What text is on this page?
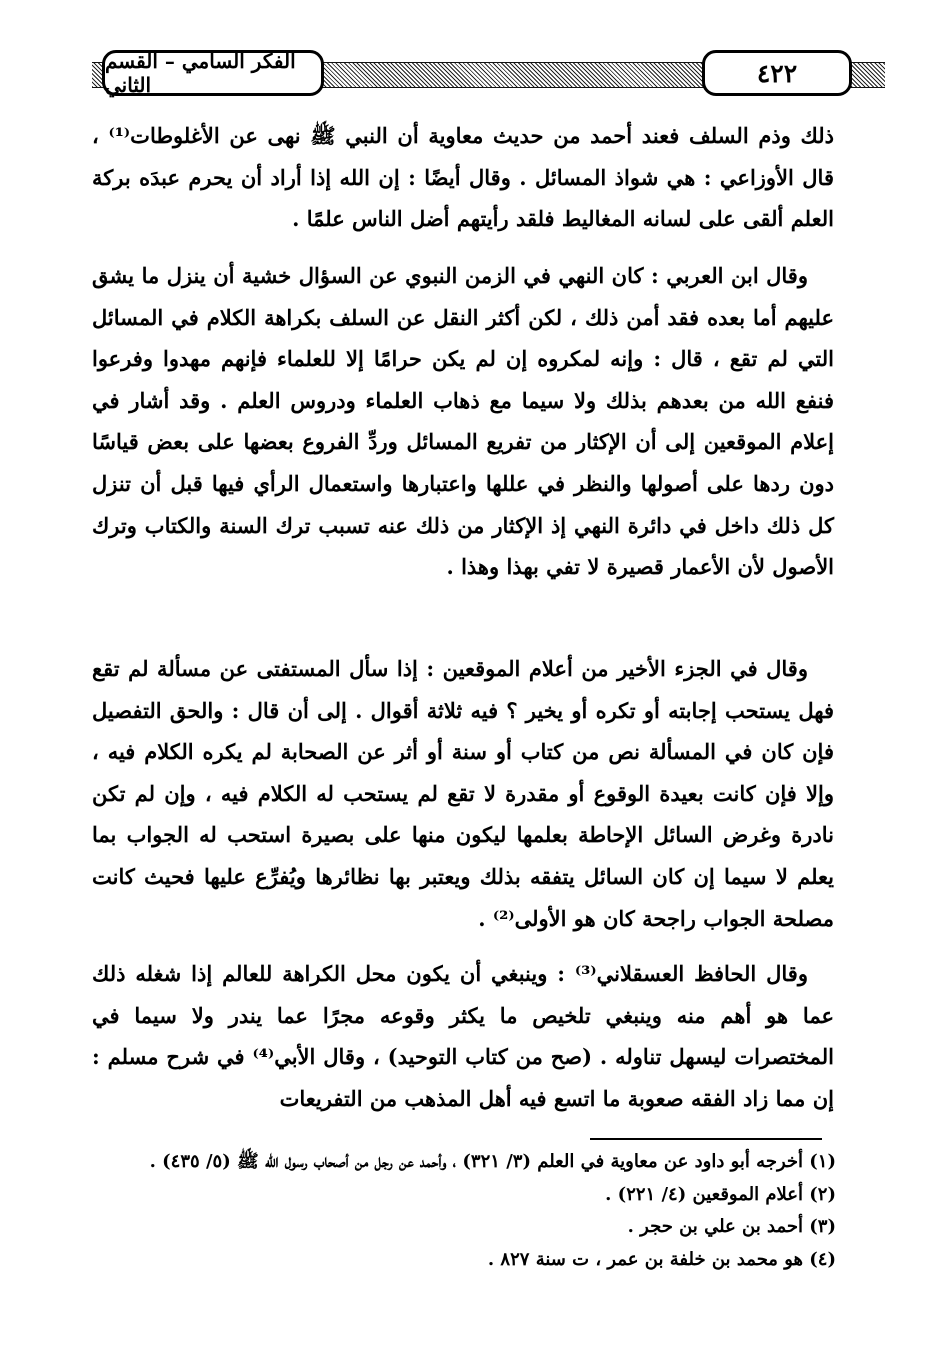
٤٢٢
الفكر السامي – القسم الثاني

ذلك وذم السلف فعند أحمد من حديث معاوية أن النبي ﷺ نهى عن الأغلوطات⁽¹⁾ ، قال الأوزاعي : هي شواذ المسائل . وقال أيضًا : إن الله إذا أراد أن يحرم عبدَه بركة العلم ألقى على لسانه المغاليط فلقد رأيتهم أضل الناس علمًا .

وقال ابن العربي : كان النهي في الزمن النبوي عن السؤال خشية أن ينزل ما يشق عليهم أما بعده فقد أمن ذلك ، لكن أكثر النقل عن السلف بكراهة الكلام في المسائل التي لم تقع ، قال : وإنه لمكروه إن لم يكن حرامًا إلا للعلماء فإنهم مهدوا وفرعوا فنفع الله من بعدهم بذلك ولا سيما مع ذهاب العلماء ودروس العلم . وقد أشار في إعلام الموقعين إلى أن الإكثار من تفريع المسائل وردِّ الفروع بعضها على بعض قياسًا دون ردها على أصولها والنظر في عللها واعتبارها واستعمال الرأي فيها قبل أن تنزل كل ذلك داخل في دائرة النهي إذ الإكثار من ذلك عنه تسبب ترك السنة والكتاب وترك الأصول لأن الأعمار قصيرة لا تفي بهذا وهذا .

وقال في الجزء الأخير من أعلام الموقعين : إذا سأل المستفتى عن مسألة لم تقع فهل يستحب إجابته أو تكره أو يخير ؟ فيه ثلاثة أقوال . إلى أن قال : والحق التفصيل فإن كان في المسألة نص من كتاب أو سنة أو أثر عن الصحابة لم يكره الكلام فيه ، وإلا فإن كانت بعيدة الوقوع أو مقدرة لا تقع لم يستحب له الكلام فيه ، وإن لم تكن نادرة وغرض السائل الإحاطة بعلمها ليكون منها على بصيرة استحب له الجواب بما يعلم لا سيما إن كان السائل يتفقه بذلك ويعتبر بها نظائرها ويُفرِّع عليها فحيث كانت مصلحة الجواب راجحة كان هو الأولى⁽²⁾ .

وقال الحافظ العسقلاني⁽³⁾ : وينبغي أن يكون محل الكراهة للعالم إذا شغله ذلك عما هو أهم منه وينبغي تلخيص ما يكثر وقوعه مجرًا عما يندر ولا سيما في المختصرات ليسهل تناوله . (صح من كتاب التوحيد) ، وقال الأبي⁽⁴⁾ في شرح مسلم : إن مما زاد الفقه صعوبة ما اتسع فيه أهل المذهب من التفريعات

(١) أخرجه أبو داود عن معاوية في العلم (٣/ ٣٢١) ، وأحمد عن رجل من أصحاب رسول الله ﷺ (٥/ ٤٣٥) .

(٢) أعلام الموقعين (٤/ ٢٢١) .

(٣) أحمد بن علي بن حجر .

(٤) هو محمد بن خلفة بن عمر ، ت سنة ٨٢٧ .
